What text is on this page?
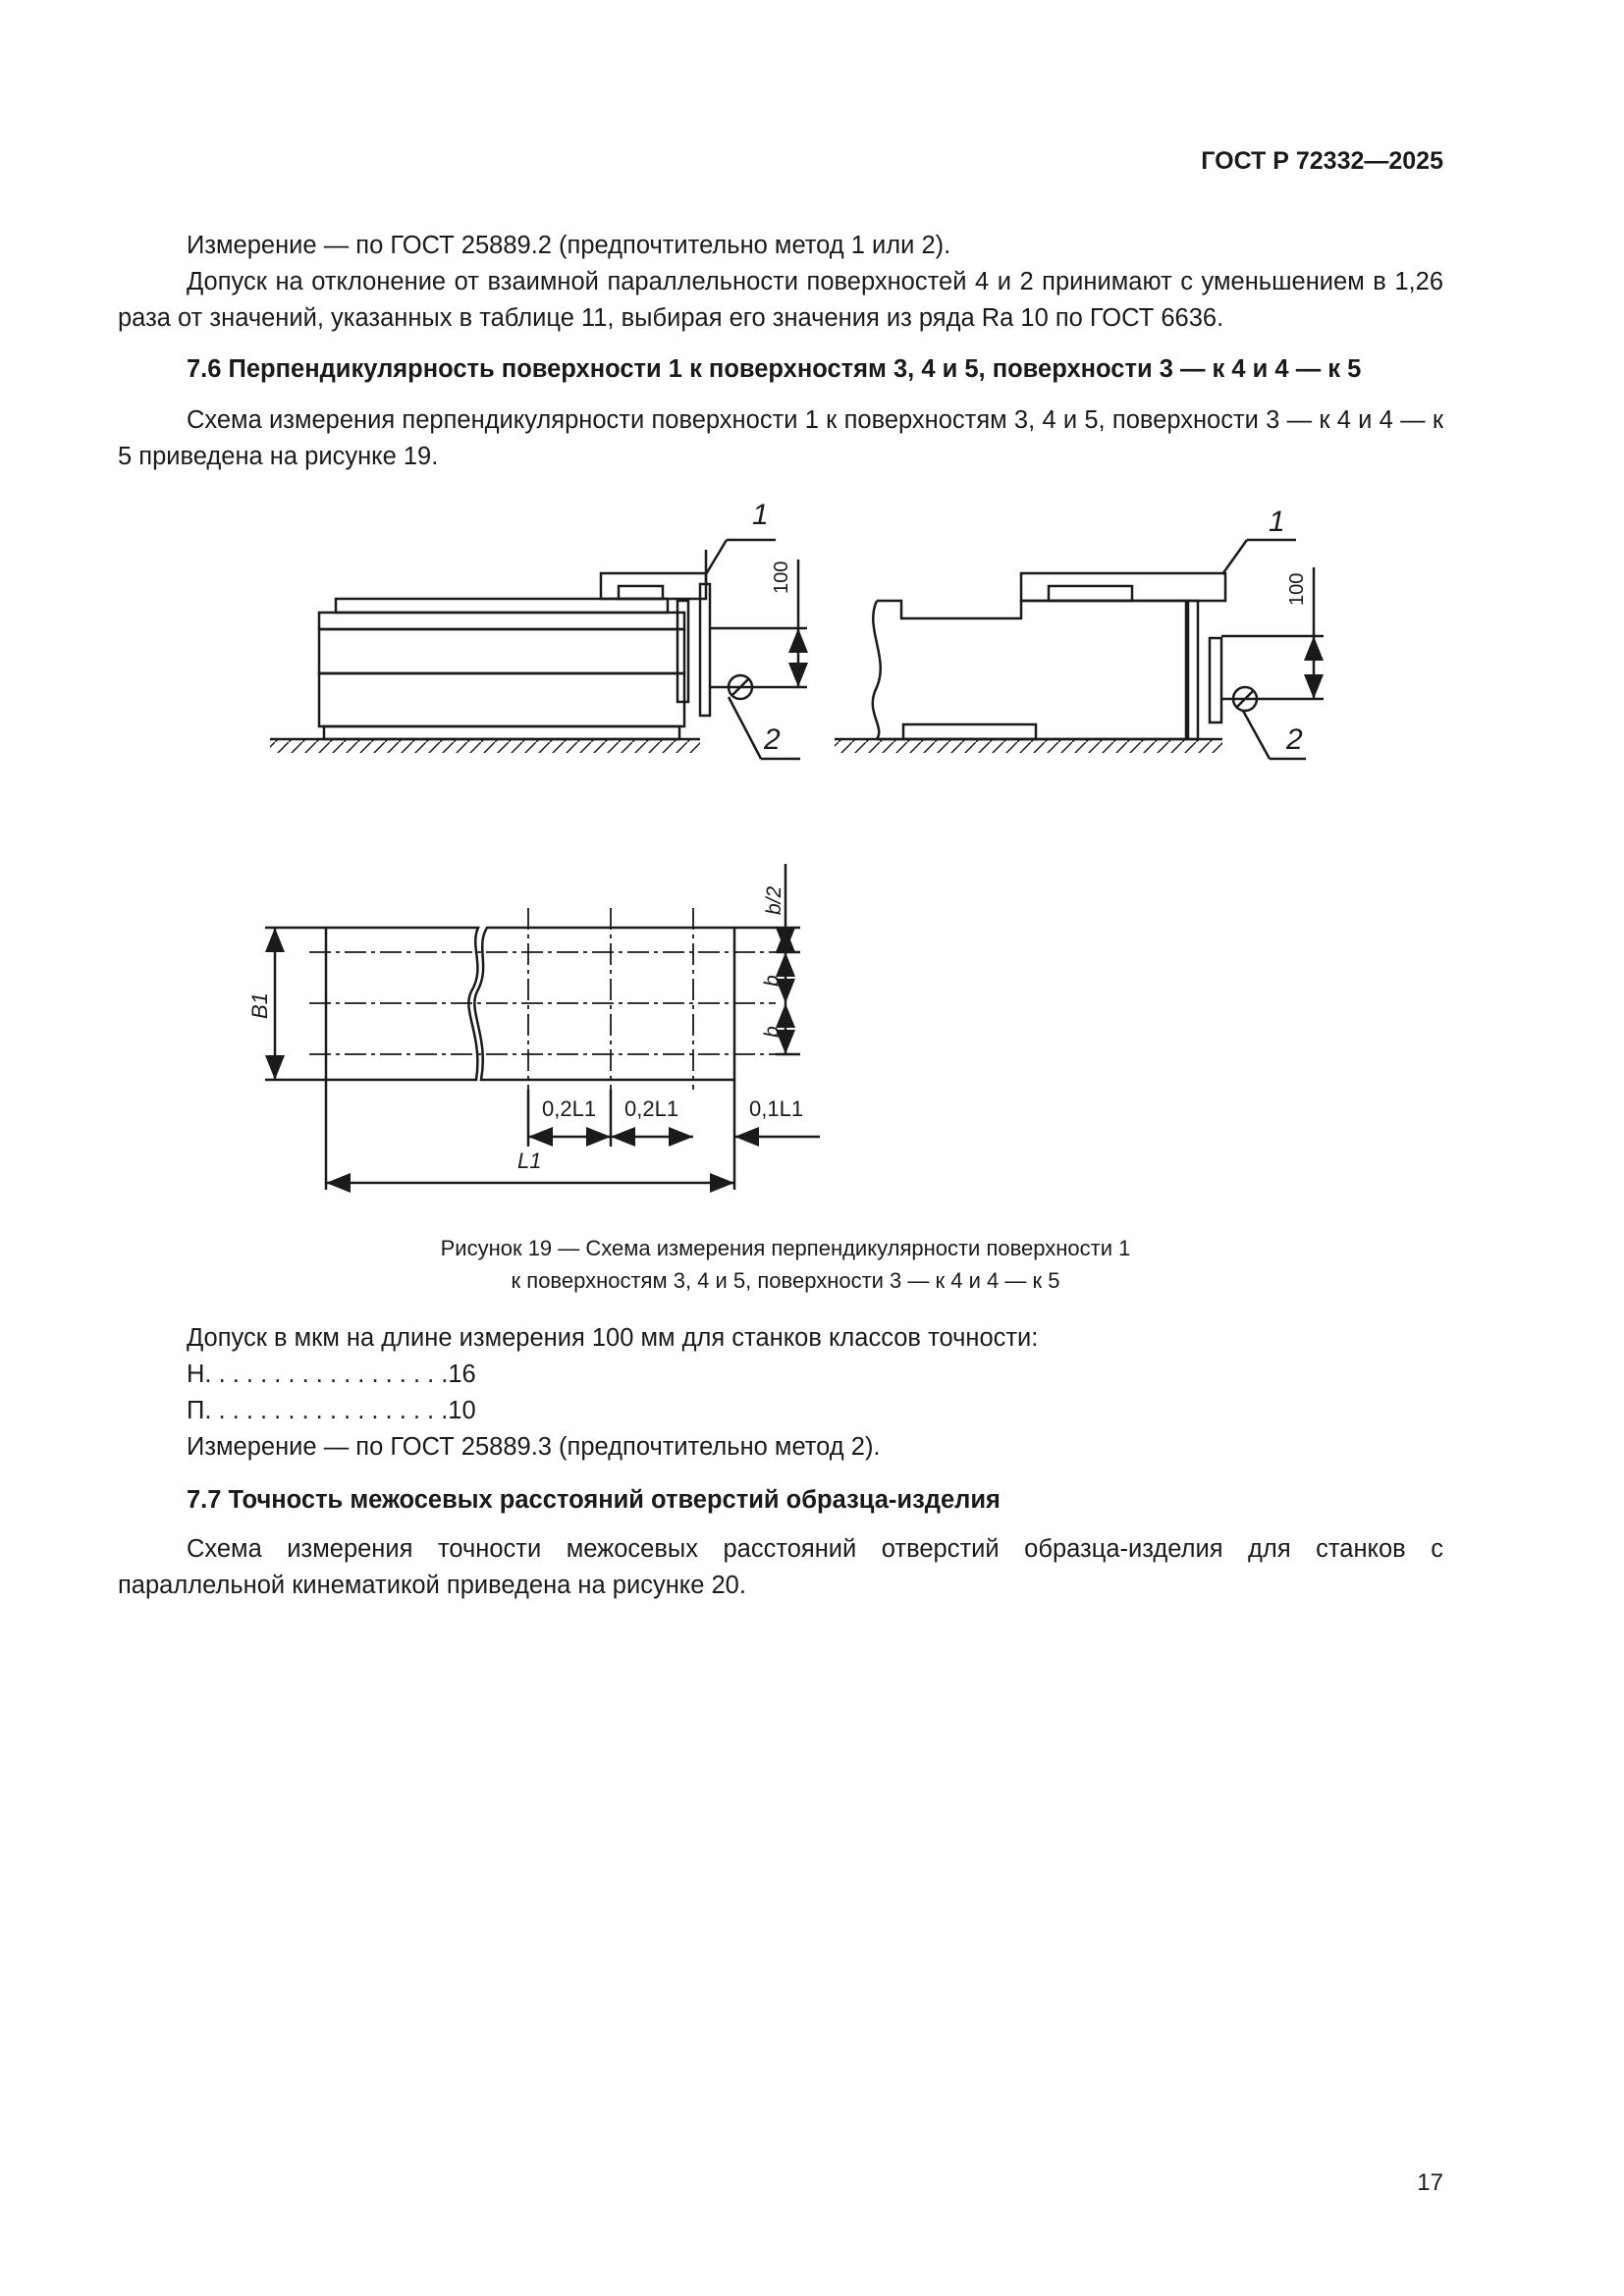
ГОСТ Р 72332—2025

Измерение — по ГОСТ 25889.2 (предпочтительно метод 1 или 2).

Допуск на отклонение от взаимной параллельности поверхностей 4 и 2 принимают с уменьшением в 1,26 раза от значений, указанных в таблице 11, выбирая его значения из ряда Ra 10 по ГОСТ 6636.

7.6 Перпендикулярность поверхности 1 к поверхностям 3, 4 и 5, поверхности 3 — к 4 и 4 — к 5

Схема измерения перпендикулярности поверхности 1 к поверхностям 3, 4 и 5, поверхности 3 — к 4 и 4 — к 5 приведена на рисунке 19.

1
2
1
2
100	100
b/2
b
b
B1
0,2L1 0,2L1	0,1L1
L1
Рисунок 19 — Схема измерения перпендикулярности поверхности 1
к поверхностям 3, 4 и 5, поверхности 3 — к 4 и 4 — к 5

Допуск в мкм на длине измерения 100 мм для станков классов точности:

Н. . . . . . . . . . . . . . . . . .16

П. . . . . . . . . . . . . . . . . .10

Измерение — по ГОСТ 25889.3 (предпочтительно метод 2).

7.7 Точность межосевых расстояний отверстий образца-изделия

Схема измерения точности межосевых расстояний отверстий образца-изделия для станков с параллельной кинематикой приведена на рисунке 20.

17
